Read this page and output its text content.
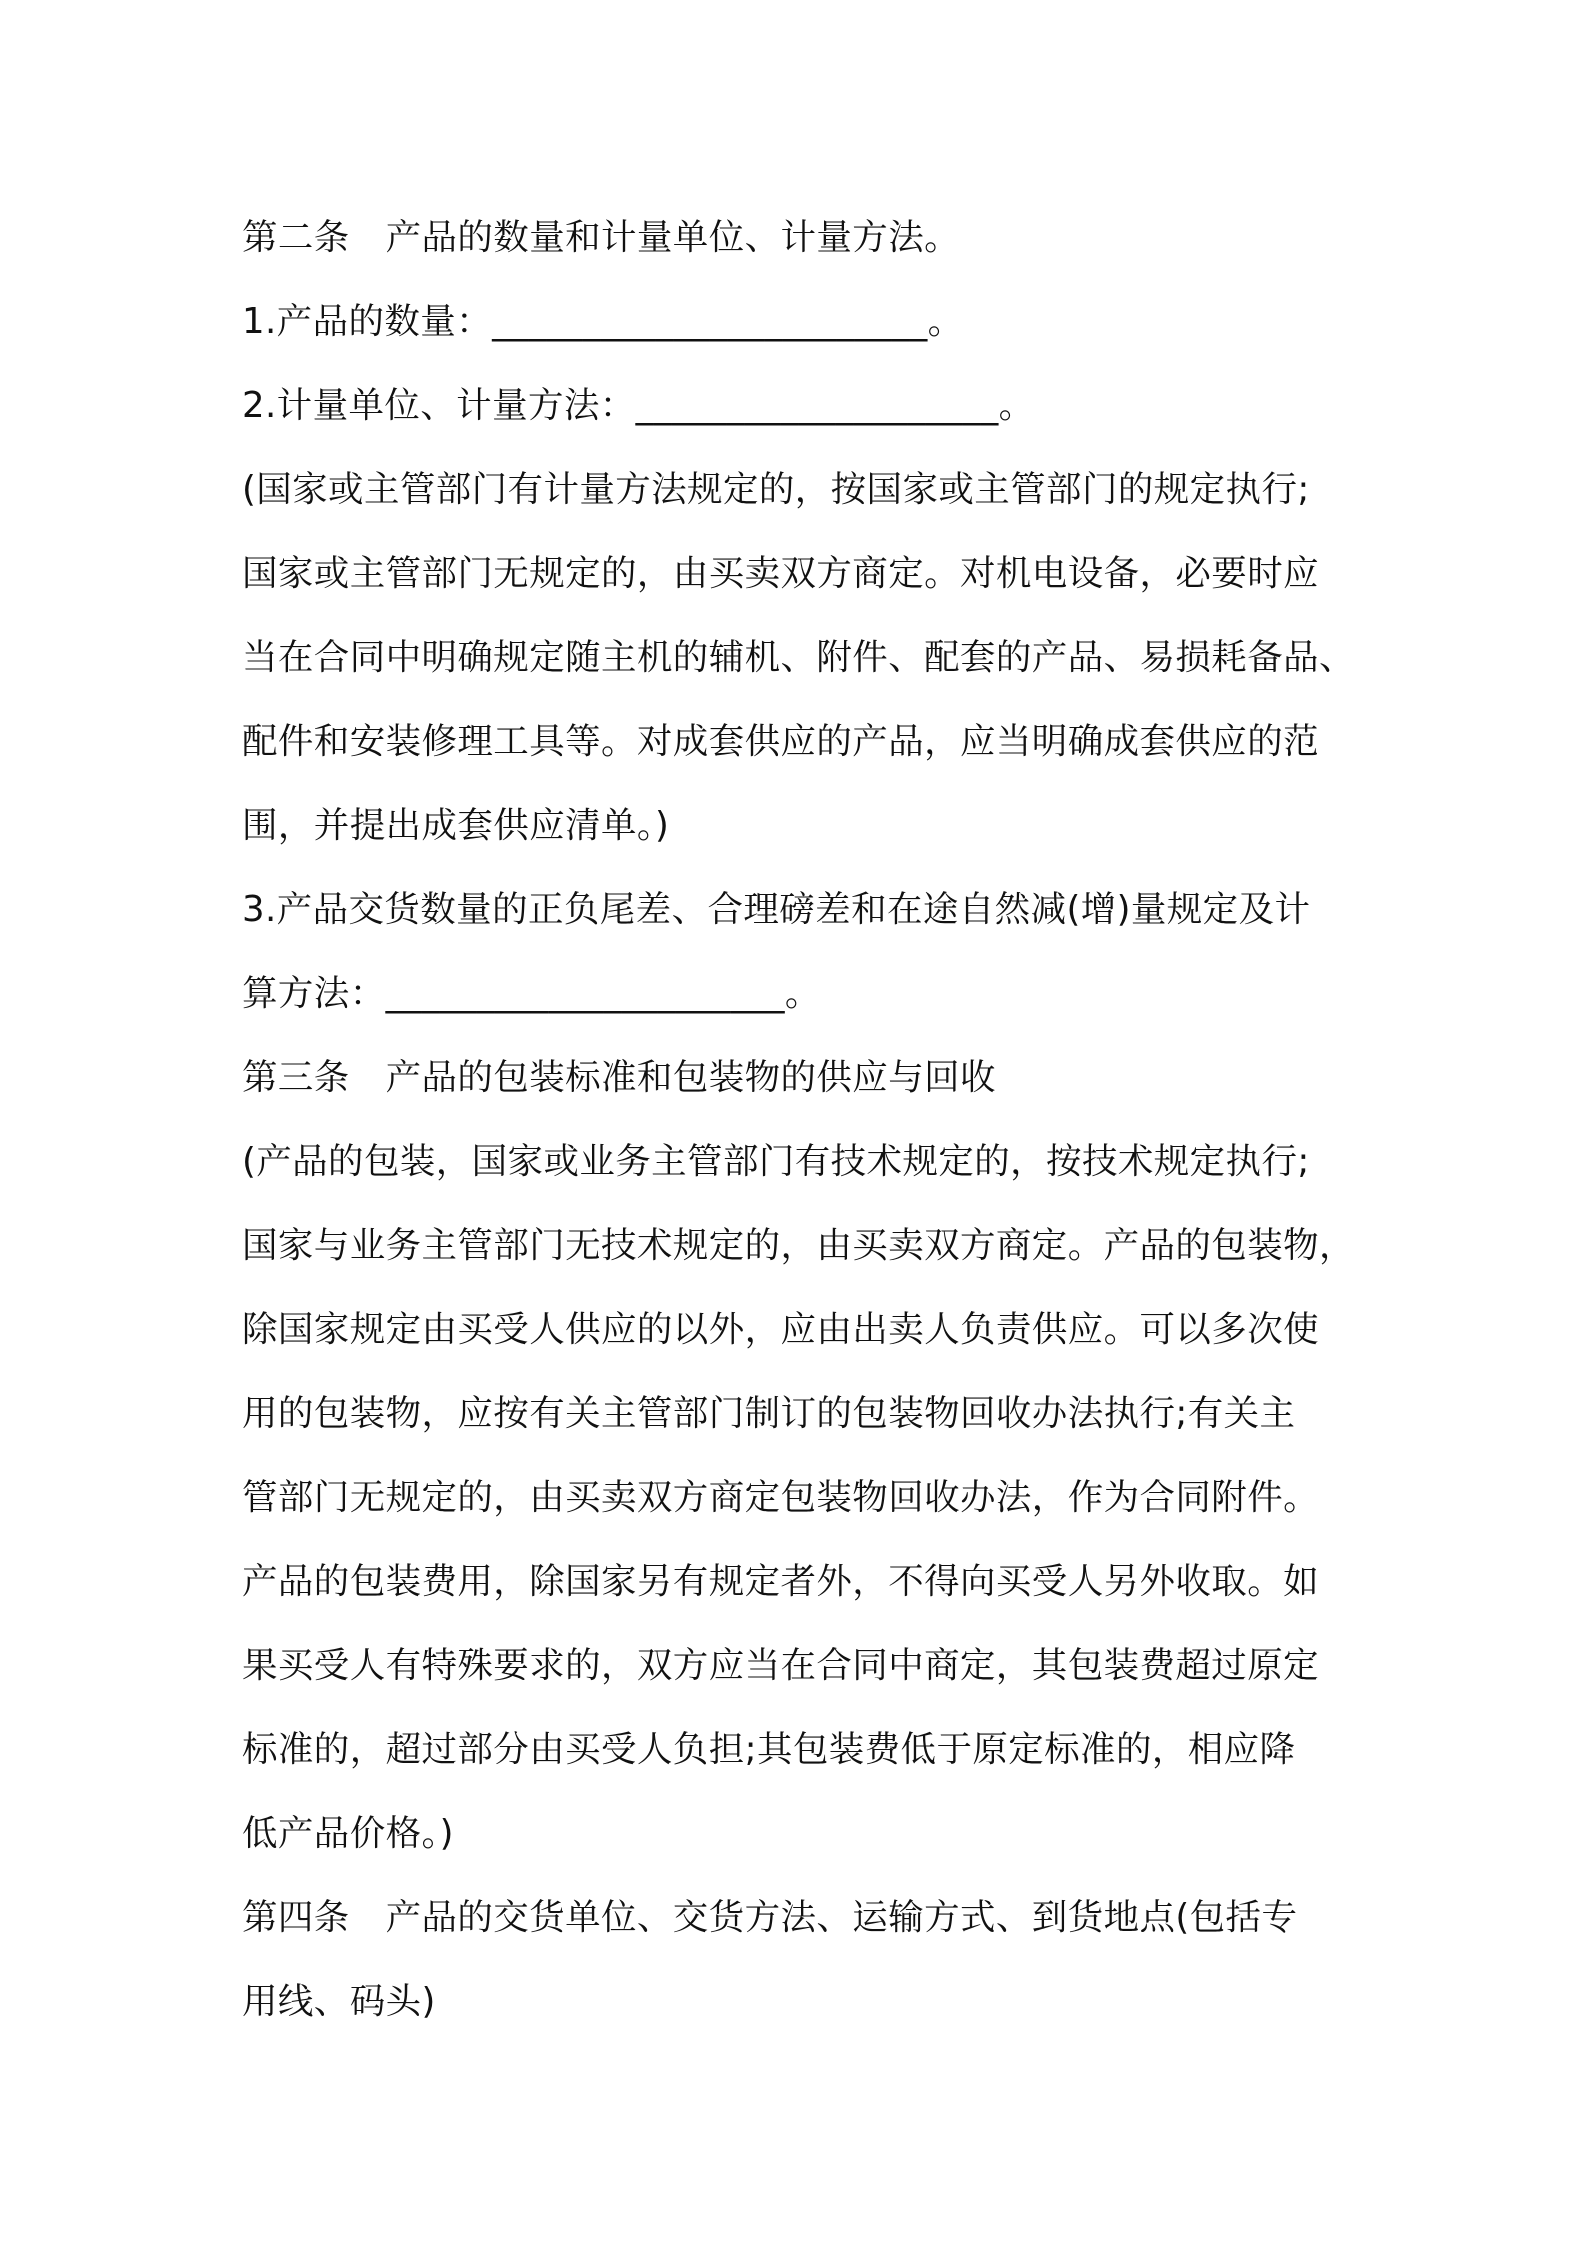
第二条　产品的数量和计量单位、计量方法。
1.产品的数量：________________________。
2.计量单位、计量方法：____________________。
(国家或主管部门有计量方法规定的，按国家或主管部门的规定执行;
国家或主管部门无规定的，由买卖双方商定。对机电设备，必要时应
当在合同中明确规定随主机的辅机、附件、配套的产品、易损耗备品、
配件和安装修理工具等。对成套供应的产品，应当明确成套供应的范
围，并提出成套供应清单。)
3.产品交货数量的正负尾差、合理磅差和在途自然减(增)量规定及计
算方法：______________________。
第三条　产品的包装标准和包装物的供应与回收
(产品的包装，国家或业务主管部门有技术规定的，按技术规定执行;
国家与业务主管部门无技术规定的，由买卖双方商定。产品的包装物，
除国家规定由买受人供应的以外，应由出卖人负责供应。可以多次使
用的包装物，应按有关主管部门制订的包装物回收办法执行;有关主
管部门无规定的，由买卖双方商定包装物回收办法，作为合同附件。
产品的包装费用，除国家另有规定者外，不得向买受人另外收取。如
果买受人有特殊要求的，双方应当在合同中商定，其包装费超过原定
标准的，超过部分由买受人负担;其包装费低于原定标准的，相应降
低产品价格。)
第四条　产品的交货单位、交货方法、运输方式、到货地点(包括专
用线、码头)
